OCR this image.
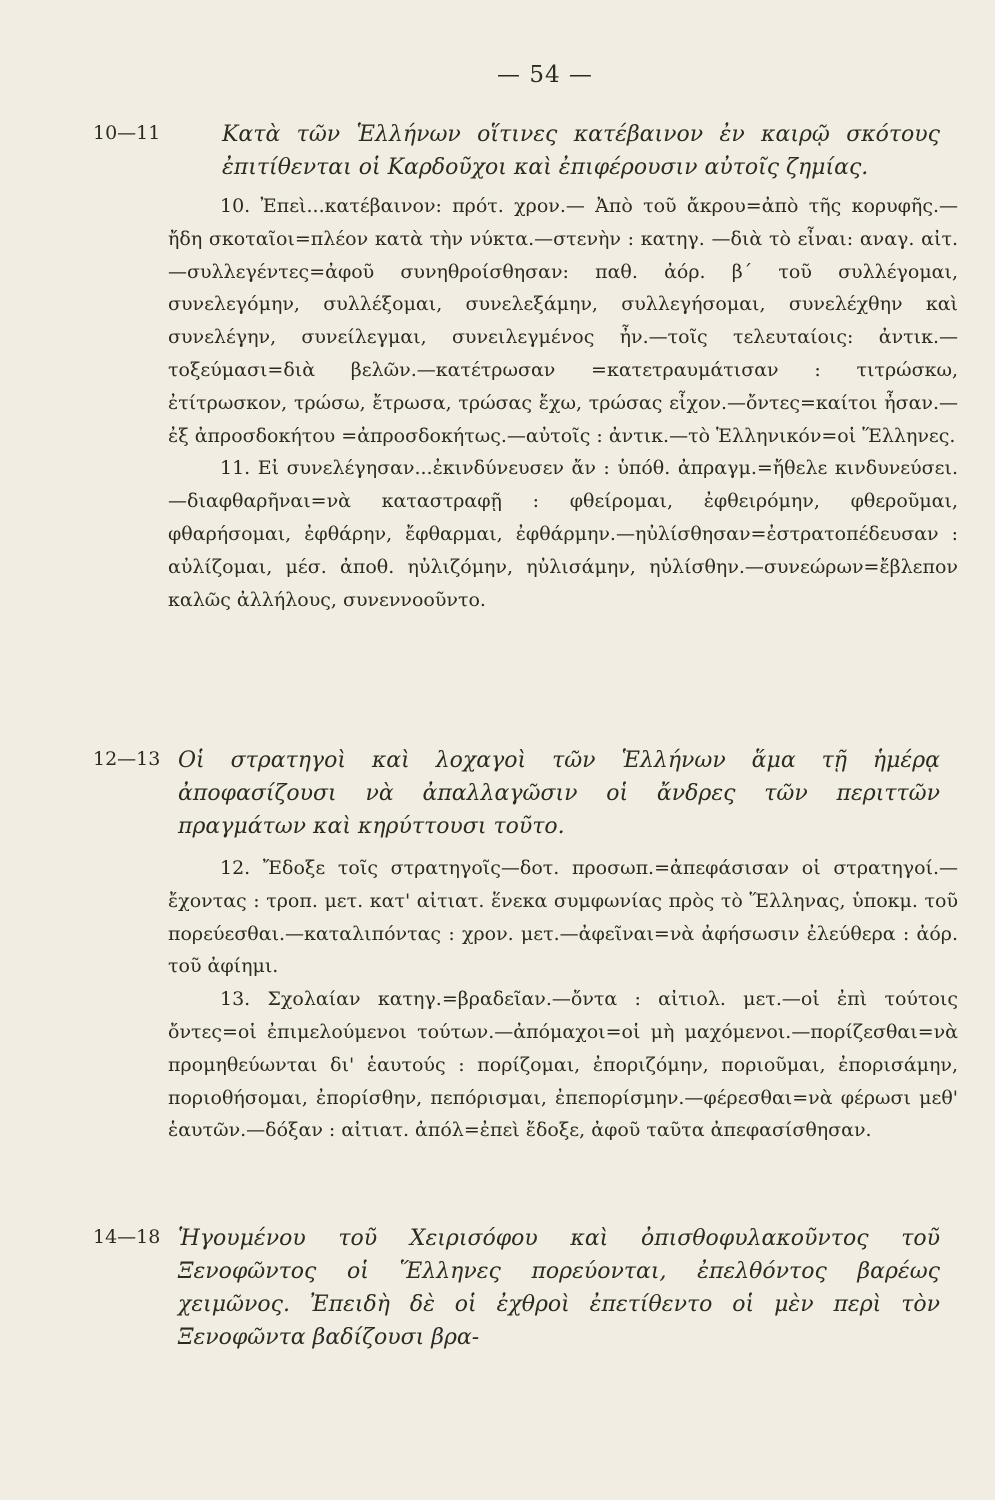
— 54 —
10—11	Κατὰ τῶν Ἑλλήνων οἵτινες κατέβαινον ἐν καιρῷ σκότους ἐπιτίθενται οἱ Καρδοῦχοι καὶ ἐπιφέρουσιν αὐτοῖς ζημίας.

10. Ἐπεὶ...κατέβαινον: πρότ. χρον.— Ἀπὸ τοῦ ἄκρου=ἀπὸ τῆς κορυφῆς.—ἤδη σκοταῖοι=πλέον κατὰ τὴν νύκτα.—στενὴν : κατηγ. —διὰ τὸ εἶναι: αναγ. αἰτ. —συλλεγέντες=ἀφοῦ συνηθροίσθησαν: παθ. ἀόρ. β΄ τοῦ συλλέγομαι, συνελεγόμην, συλλέξομαι, συνελεξάμην, συλλεγήσομαι, συνελέχθην καὶ συνελέγην, συνείλεγμαι, συνειλεγμένος ἦν.—τοῖς τελευταίοις: ἀντικ.—τοξεύμασι=διὰ βελῶν.—κατέτρωσαν =κατετραυμάτισαν : τιτρώσκω, ἐτίτρωσκον, τρώσω, ἔτρωσα, τρώσας ἔχω, τρώσας εἶχον.—ὄντες=καίτοι ἦσαν.—ἐξ ἀπροσδοκήτου =ἀπροσδοκήτως.—αὐτοῖς : ἀντικ.—τὸ Ἑλληνικόν=οἱ Ἕλληνες.

11. Εἰ συνελέγησαν...ἐκινδύνευσεν ἄν : ὑπόθ. ἀπραγμ.=ἤθελε κινδυνεύσει.—διαφθαρῆναι=νὰ καταστραφῇ : φθείρομαι, ἐφθειρόμην, φθεροῦμαι, φθαρήσομαι, ἐφθάρην, ἔφθαρμαι, ἐφθάρμην.—ηὐλίσθησαν=ἐστρατοπέδευσαν : αὐλίζομαι, μέσ. ἀποθ. ηὐλιζόμην, ηὐλισάμην, ηὐλίσθην.—συνεώρων=ἔβλεπον καλῶς ἀλλήλους, συνεννοοῦντο.

12—13 Οἱ στρατηγοὶ καὶ λοχαγοὶ τῶν Ἑλλήνων ἅμα τῇ ἡμέρᾳ ἀποφασίζουσι νὰ ἀπαλλαγῶσιν οἱ ἄνδρες τῶν περιττῶν πραγμάτων καὶ κηρύττουσι τοῦτο.

12. Ἔδοξε τοῖς στρατηγοῖς—δοτ. προσωπ.=ἀπεφάσισαν οἱ στρατηγοί.—ἔχοντας : τροπ. μετ. κατ' αἰτιατ. ἕνεκα συμφωνίας πρὸς τὸ Ἕλληνας, ὑποκμ. τοῦ πορεύεσθαι.—καταλιπόντας : χρον. μετ.—ἀφεῖναι=νὰ ἀφήσωσιν ἐλεύθερα : ἀόρ. τοῦ ἀφίημι.

13. Σχολαίαν κατηγ.=βραδεῖαν.—ὄντα : αἰτιολ. μετ.—οἱ ἐπὶ τούτοις ὄντες=οἱ ἐπιμελούμενοι τούτων.—ἀπόμαχοι=οἱ μὴ μαχόμενοι.—πορίζεσθαι=νὰ προμηθεύωνται δι' ἑαυτούς : πορίζομαι, ἐποριζόμην, ποριοῦμαι, ἐπορισάμην, ποριοθήσομαι, ἐπορίσθην, πεπόρισμαι, ἐπεπορίσμην.—φέρεσθαι=νὰ φέρωσι μεθ' ἑαυτῶν.—δόξαν : αἰτιατ. ἀπόλ=ἐπεὶ ἔδοξε, ἀφοῦ ταῦτα ἀπεφασίσθησαν.

14—18 Ἡγουμένου τοῦ Χειρισόφου καὶ ὀπισθοφυλακοῦντος τοῦ Ξενοφῶντος οἱ Ἕλληνες πορεύονται, ἐπελθόντος βαρέως χειμῶνος. Ἐπειδὴ δὲ οἱ ἐχθροὶ ἐπετίθεντο οἱ μὲν περὶ τὸν Ξενοφῶντα βαδίζουσι βρα-
